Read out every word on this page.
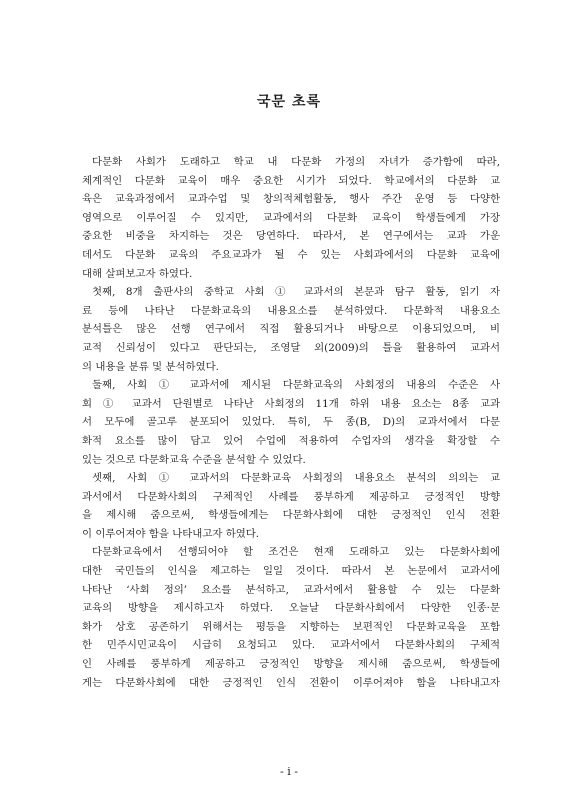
국문 초록
다문화 사회가 도래하고 학교 내 다문화 가정의 자녀가 증가함에 따라,
체계적인 다문화 교육이 매우 중요한 시기가 되었다. 학교에서의 다문화 교
육은 교육과정에서 교과수업 및 창의적체험활동, 행사 주간 운영 등 다양한
영역으로 이루어질 수 있지만, 교과에서의 다문화 교육이 학생들에게 가장
중요한 비중을 차지하는 것은 당연하다. 따라서, 본 연구에서는 교과 가운
데서도 다문화 교육의 주요교과가 될 수 있는 사회과에서의 다문화 교육에
대해 살펴보고자 하였다.
첫째, 8개 출판사의 중학교 사회 ① 교과서의 본문과 탐구 활동, 읽기 자
료 등에 나타난 다문화교육의 내용요소를 분석하였다. 다문화적 내용요소
분석틀은 많은 선행 연구에서 직접 활용되거나 바탕으로 이용되었으며, 비
교적 신뢰성이 있다고 판단되는, 조영달 외(2009)의 틀을 활용하여 교과서
의 내용을 분류 및 분석하였다.
둘째, 사회 ① 교과서에 제시된 다문화교육의 사회정의 내용의 수준은 사
회 ① 교과서 단원별로 나타난 사회정의 11개 하위 내용 요소는 8종 교과
서 모두에 골고루 분포되어 있었다. 특히, 두 종(B, D)의 교과서에서 다문
화적 요소를 많이 담고 있어 수업에 적용하여 수업자의 생각을 확장할 수
있는 것으로 다문화교육 수준을 분석할 수 있었다.
셋째, 사회 ① 교과서의 다문화교육 사회정의 내용요소 분석의 의의는 교
과서에서 다문화사회의 구체적인 사례를 풍부하게 제공하고 긍정적인 방향
을 제시해 줌으로써, 학생들에게는 다문화사회에 대한 긍정적인 인식 전환
이 이루어져야 함을 나타내고자 하였다.
다문화교육에서 선행되어야 할 조건은 현재 도래하고 있는 다문화사회에
대한 국민들의 인식을 제고하는 일일 것이다. 따라서 본 논문에서 교과서에
나타난 ‘사회 정의’ 요소를 분석하고, 교과서에서 활용할 수 있는 다문화
교육의 방향을 제시하고자 하였다. 오늘날 다문화사회에서 다양한 인종·문
화가 상호 공존하기 위해서는 평등을 지향하는 보편적인 다문화교육을 포함
한 민주시민교육이 시급히 요청되고 있다. 교과서에서 다문화사회의 구체적
인 사례를 풍부하게 제공하고 긍정적인 방향을 제시해 줌으로써, 학생들에
게는 다문화사회에 대한 긍정적인 인식 전환이 이루어져야 함을 나타내고자
- i -
